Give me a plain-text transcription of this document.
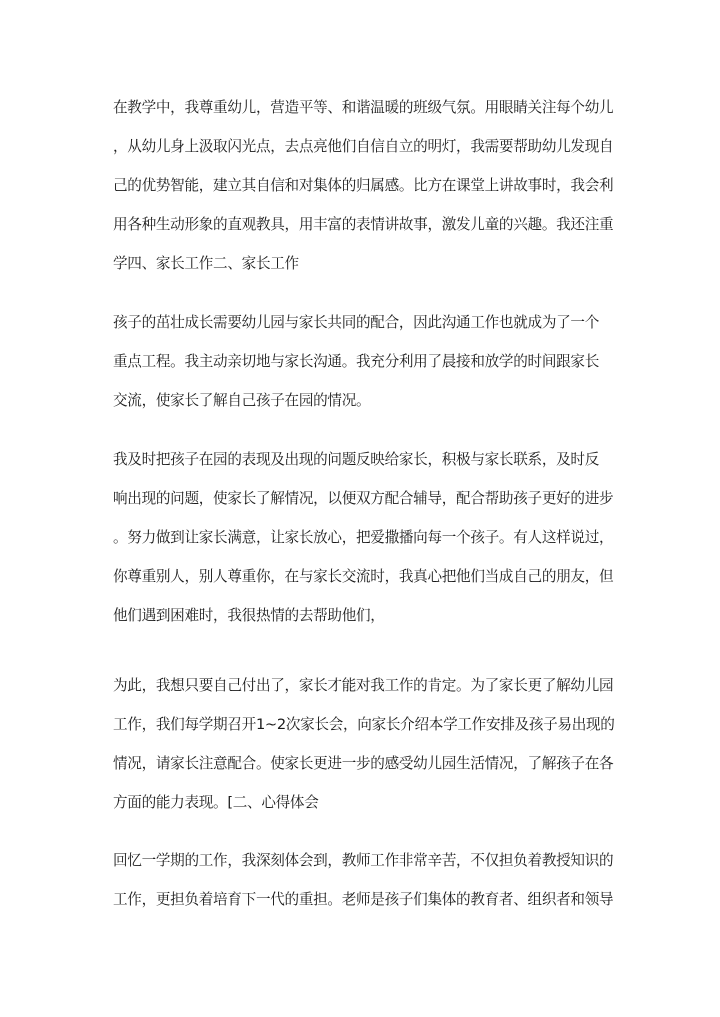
在教学中，我尊重幼儿，营造平等、和谐温暖的班级气氛。用眼睛关注每个幼儿
，从幼儿身上汲取闪光点，去点亮他们自信自立的明灯，我需要帮助幼儿发现自
己的优势智能，建立其自信和对集体的归属感。比方在课堂上讲故事时，我会利
用各种生动形象的直观教具，用丰富的表情讲故事，激发儿童的兴趣。我还注重
学四、家长工作二、家长工作
孩子的茁壮成长需要幼儿园与家长共同的配合，因此沟通工作也就成为了一个
重点工程。我主动亲切地与家长沟通。我充分利用了晨接和放学的时间跟家长
交流，使家长了解自己孩子在园的情况。
我及时把孩子在园的表现及出现的问题反映给家长，积极与家长联系，及时反
响出现的问题，使家长了解情况，以便双方配合辅导，配合帮助孩子更好的进步
。努力做到让家长满意，让家长放心，把爱撒播向每一个孩子。有人这样说过，
你尊重别人，别人尊重你，在与家长交流时，我真心把他们当成自己的朋友，但
他们遇到困难时，我很热情的去帮助他们，
为此，我想只要自己付出了，家长才能对我工作的肯定。为了家长更了解幼儿园
工作，我们每学期召开1~2次家长会，向家长介绍本学工作安排及孩子易出现的
情况，请家长注意配合。使家长更进一步的感受幼儿园生活情况，了解孩子在各
方面的能力表现。[二、心得体会
回忆一学期的工作，我深刻体会到，教师工作非常辛苦，不仅担负着教授知识的
工作，更担负着培育下一代的重担。老师是孩子们集体的教育者、组织者和领导
